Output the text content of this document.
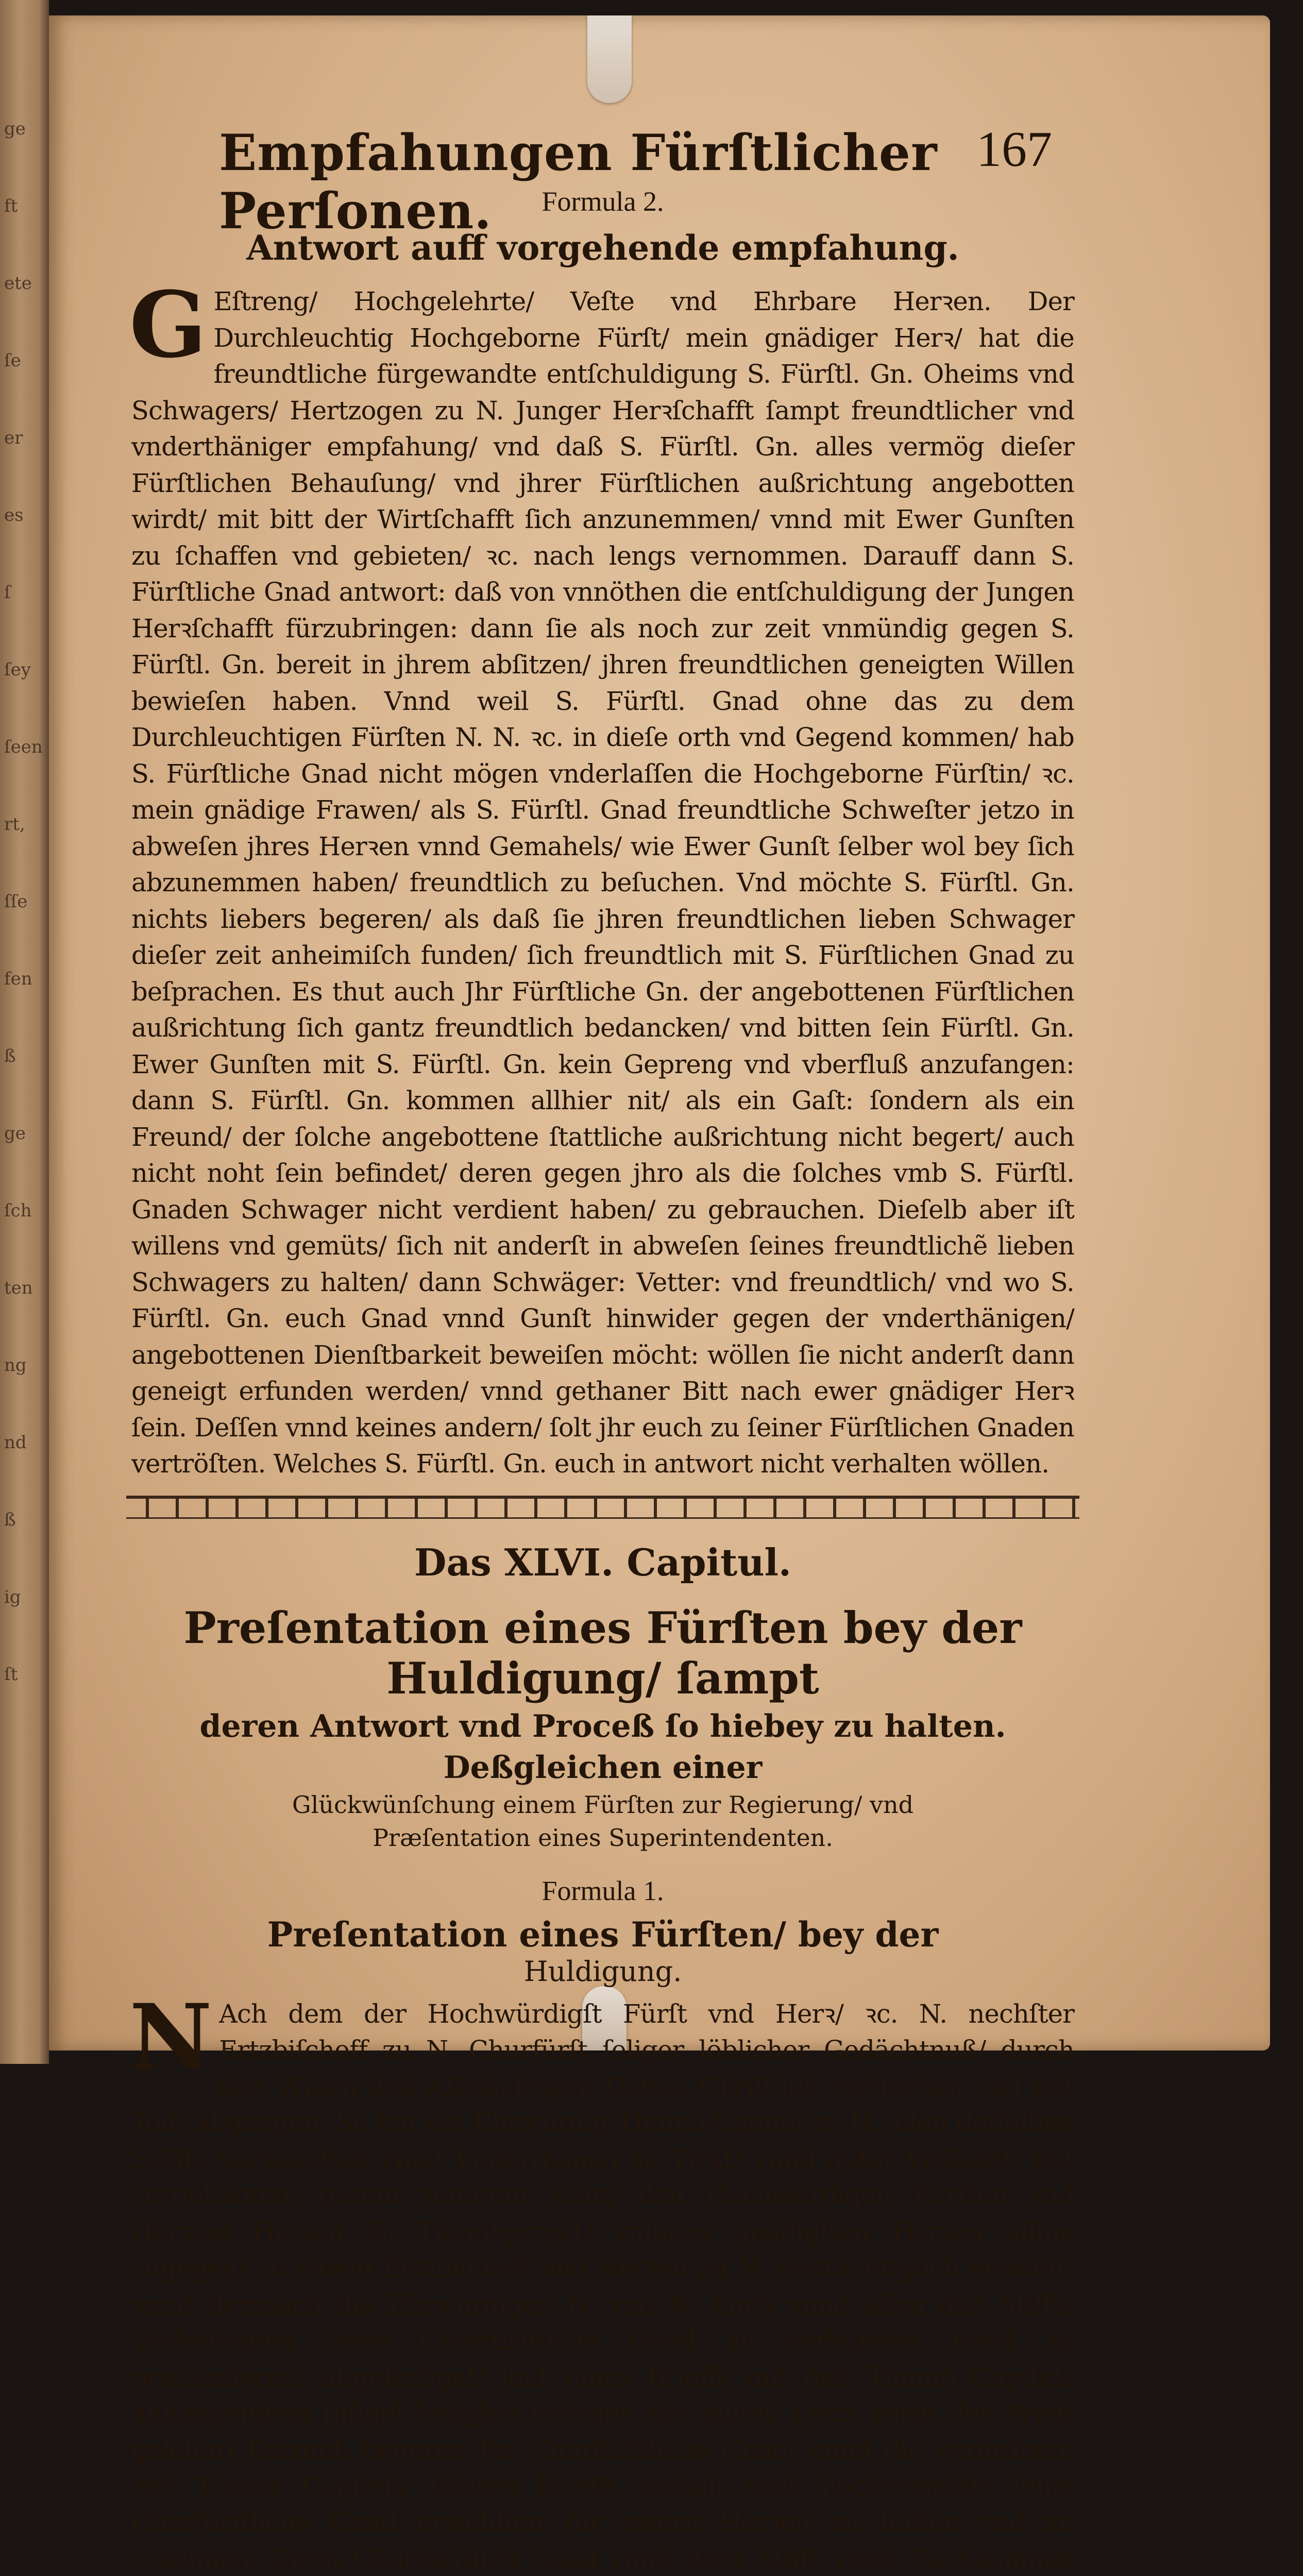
ge
ft
ete
ſe
er
es
ſ
ſey
ſeen
rt,
ſſe
fen
ß
ge
ſch
ten
ng
nd
ß
ig
ſt
Empfahungen Fürſtlicher Perſonen.
167

Formula 2.

Antwort auff vorgehende empfahung.

G Eſtreng/ Hochgelehrte/ Veſte vnd Ehrbare Herꝛen. Der Durchleuchtig Hochgeborne Fürſt/ mein gnädiger Herꝛ/ hat die freundtliche fürgewandte entſchuldigung S. Fürſtl. Gn. Oheims vnd Schwagers/ Hertzogen zu N. Junger Herꝛſchafft ſampt freundtlicher vnd vnderthäniger empfahung/ vnd daß S. Fürſtl. Gn. alles vermög dieſer Fürſtlichen Behauſung/ vnd jhrer Fürſtlichen außrichtung angebotten wirdt/ mit bitt der Wirtſchafft ſich anzunemmen/ vnnd mit Ewer Gunſten zu ſchaffen vnd gebieten/ ꝛc. nach lengs vernommen. Darauff dann S. Fürſtliche Gnad antwort: daß von vnnöthen die entſchuldigung der Jungen Herꝛſchafft fürzubringen: dann ſie als noch zur zeit vnmündig gegen S. Fürſtl. Gn. bereit in jhrem abſitzen/ jhren freundtlichen geneigten Willen bewieſen haben. Vnnd weil S. Fürſtl. Gnad ohne das zu dem Durchleuchtigen Fürſten N. N. ꝛc. in dieſe orth vnd Gegend kommen/ hab S. Fürſtliche Gnad nicht mögen vnderlaſſen die Hochgeborne Fürſtin/ ꝛc. mein gnädige Frawen/ als S. Fürſtl. Gnad freundtliche Schweſter jetzo in abweſen jhres Herꝛen vnnd Gemahels/ wie Ewer Gunſt ſelber wol bey ſich abzunemmen haben/ freundtlich zu beſuchen. Vnd möchte S. Fürſtl. Gn. nichts liebers begeren/ als daß ſie jhren freundtlichen lieben Schwager dieſer zeit anheimiſch funden/ ſich freundtlich mit S. Fürſtlichen Gnad zu beſprachen. Es thut auch Jhr Fürſtliche Gn. der angebottenen Fürſtlichen außrichtung ſich gantz freundtlich bedancken/ vnd bitten ſein Fürſtl. Gn. Ewer Gunſten mit S. Fürſtl. Gn. kein Gepreng vnd vberfluß anzufangen: dann S. Fürſtl. Gn. kommen allhier nit/ als ein Gaſt: ſondern als ein Freund/ der ſolche angebottene ſtattliche außrichtung nicht begert/ auch nicht noht ſein befindet/ deren gegen jhro als die ſolches vmb S. Fürſtl. Gnaden Schwager nicht verdient haben/ zu gebrauchen. Dieſelb aber iſt willens vnd gemüts/ ſich nit anderſt in abweſen ſeines freundtlichẽ lieben Schwagers zu halten/ dann Schwäger: Vetter: vnd freundtlich/ vnd wo S. Fürſtl. Gn. euch Gnad vnnd Gunſt hinwider gegen der vnderthänigen/ angebottenen Dienſtbarkeit beweiſen möcht: wöllen ſie nicht anderſt dann geneigt erfunden werden/ vnnd gethaner Bitt nach ewer gnädiger Herꝛ ſein. Deſſen vnnd keines andern/ ſolt jhr euch zu ſeiner Fürſtlichen Gnaden vertröſten. Welches S. Fürſtl. Gn. euch in antwort nicht verhalten wöllen.

Das XLVI. Capitul.

Preſentation eines Fürſten bey der Huldigung/ ſampt

deren Antwort vnd Proceß ſo hiebey zu halten. Deßgleichen einer

Glückwünſchung einem Fürſten zur Regierung/ vnd Præſentation eines Superintendenten.

Formula 1.

Preſentation eines Fürſten/ bey der

Huldigung.

N Ach dem der Hochwürdigſt Fürſt vnd Herꝛ/ ꝛc. N. nechſter Ertzbiſchoff zu N. Churfürſt ſeliger löblicher Gedächtnuß/ durch den Willen deß Allmächtigen Gottes Chriſtlich verſtorben vnd mit Todt abgangen: So hat ein Ehrwürdig Thumb-Capitel zu N. allen deſſelben Stiffts Verwandten vnnd Vnderthanen zu Troſt/ vnnd guter Wolfahtt/ mit vorgehabtem gutem zeitigem Raht/ den Hochwürdigen Fürſten vnd Herꝛen/ Herꝛen N. Thumbpropſt/ vnſeren gnädigſten Herꝛen allhie zugegen/ zu einem Ertzbiſchoff vnd Herꝛen zu N. einträchtiglich erwöhlt/ vnnd demnach die Ehrwürdigen N. vnd N. Euch vnnd allen deß Stiffts Vnderthanen ſeine Churfürſtliche Gnad zu verkünden vnnd zu præſentieren/ abgefertiget/ laut eines Brieffs mit deß Thumb Capitels anhangendem Jnſigel beſiglet/ welcher alſo lautet/ (jetzt wirdt der Brieff geleſen) Darumb begeren Jhr Churfürſtliche Gnad/ vnnd die verordnete deß Thumb Capitels/ ſolches Brieffs innhalt nach hochermeldte ſeine Churfürſtliche Gnad erwöhlten für ewern Herꝛen zu halten vnd zu erkennen/ Jhren Churfürſtlich Gnad vnnd dero Stifft vnnd Nachkomnen
